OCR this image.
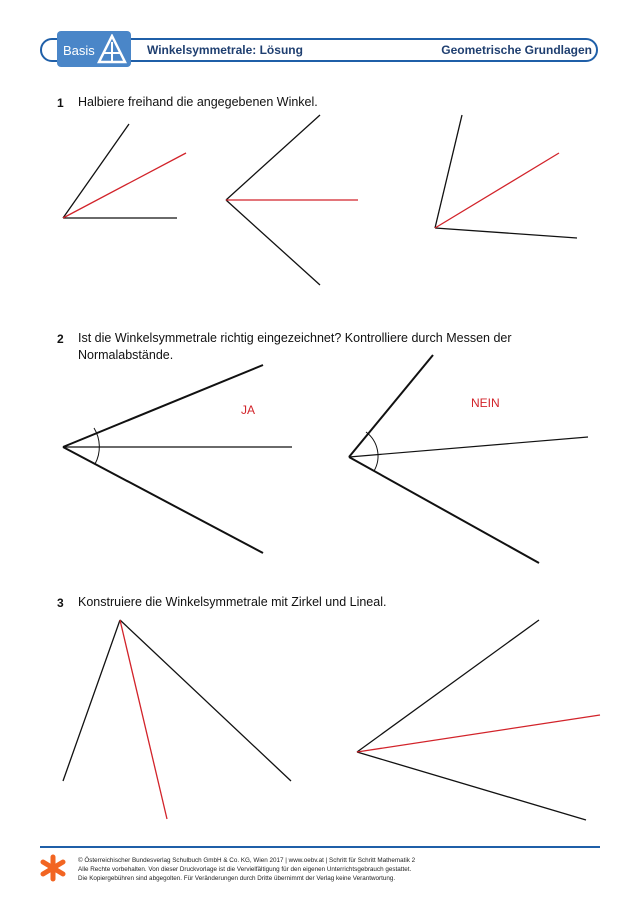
Basis	Winkelsymmetrale: Lösung	Geometrische Grundlagen
1 Halbiere freihand die angegebenen Winkel.
2 Ist die Winkelsymmetrale richtig eingezeichnet? Kontrolliere durch Messen der
Normalabstände.
JA	NEIN
3 Konstruiere die Winkelsymmetrale mit Zirkel und Lineal.
© Österreichischer Bundesverlag Schulbuch GmbH & Co. KG, Wien 2017 | www.oebv.at | Schritt für Schritt Mathematik 2
Alle Rechte vorbehalten. Von dieser Druckvorlage ist die Vervielfältigung für den eigenen Unterrichtsgebrauch gestattet.
Die Kopiergebühren sind abgegolten. Für Veränderungen durch Dritte übernimmt der Verlag keine Verantwortung.
